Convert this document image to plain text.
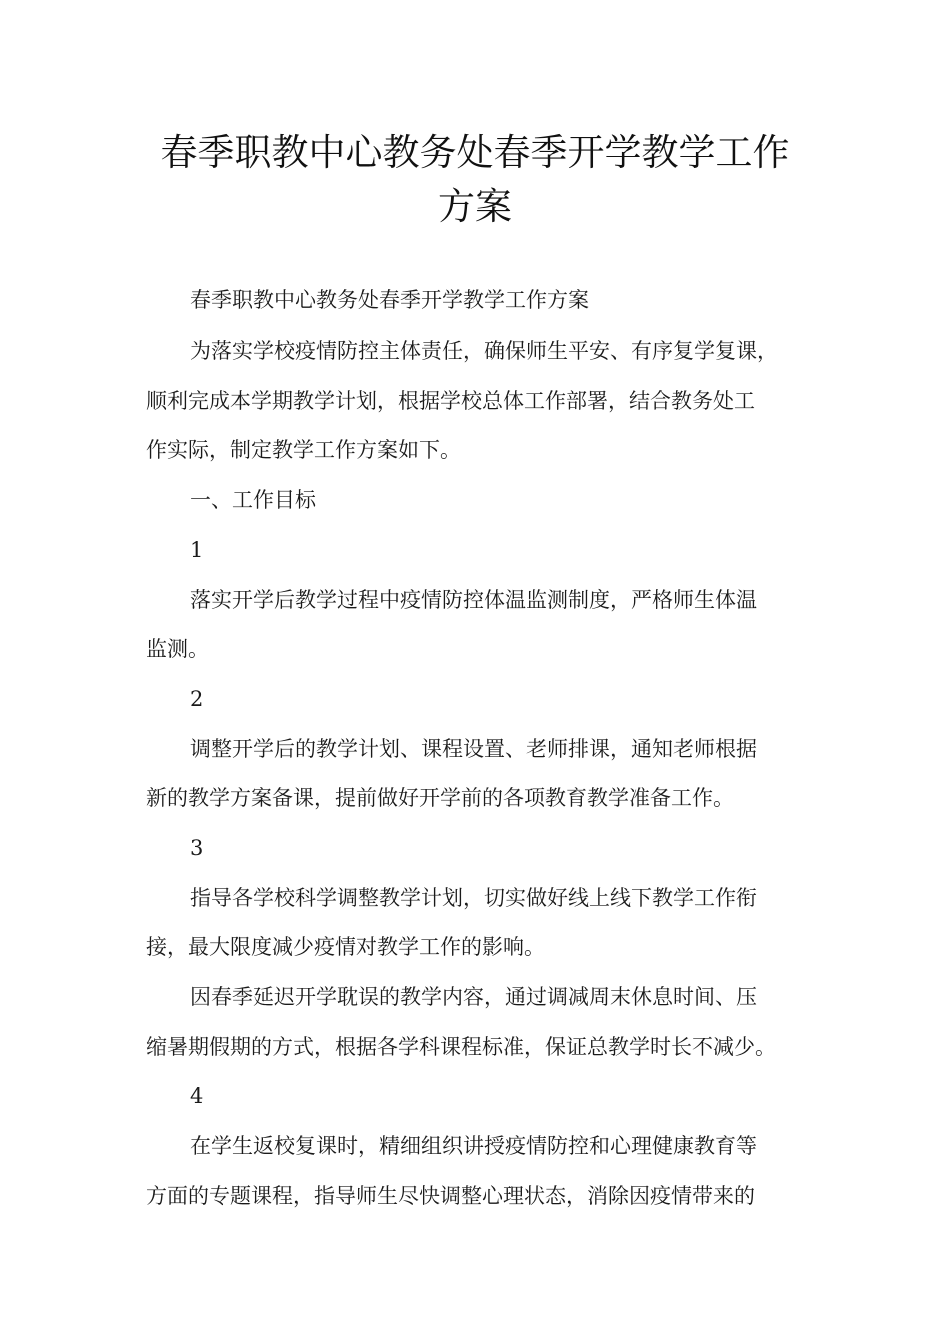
春季职教中心教务处春季开学教学工作
方案
春季职教中心教务处春季开学教学工作方案
为落实学校疫情防控主体责任，确保师生平安、有序复学复课，
顺利完成本学期教学计划，根据学校总体工作部署，结合教务处工
作实际，制定教学工作方案如下。
一、工作目标
1
落实开学后教学过程中疫情防控体温监测制度，严格师生体温
监测。
2
调整开学后的教学计划、课程设置、老师排课，通知老师根据
新的教学方案备课，提前做好开学前的各项教育教学准备工作。
3
指导各学校科学调整教学计划，切实做好线上线下教学工作衔
接，最大限度减少疫情对教学工作的影响。
因春季延迟开学耽误的教学内容，通过调减周末休息时间、压
缩暑期假期的方式，根据各学科课程标准，保证总教学时长不减少。
4
在学生返校复课时，精细组织讲授疫情防控和心理健康教育等
方面的专题课程，指导师生尽快调整心理状态，消除因疫情带来的
